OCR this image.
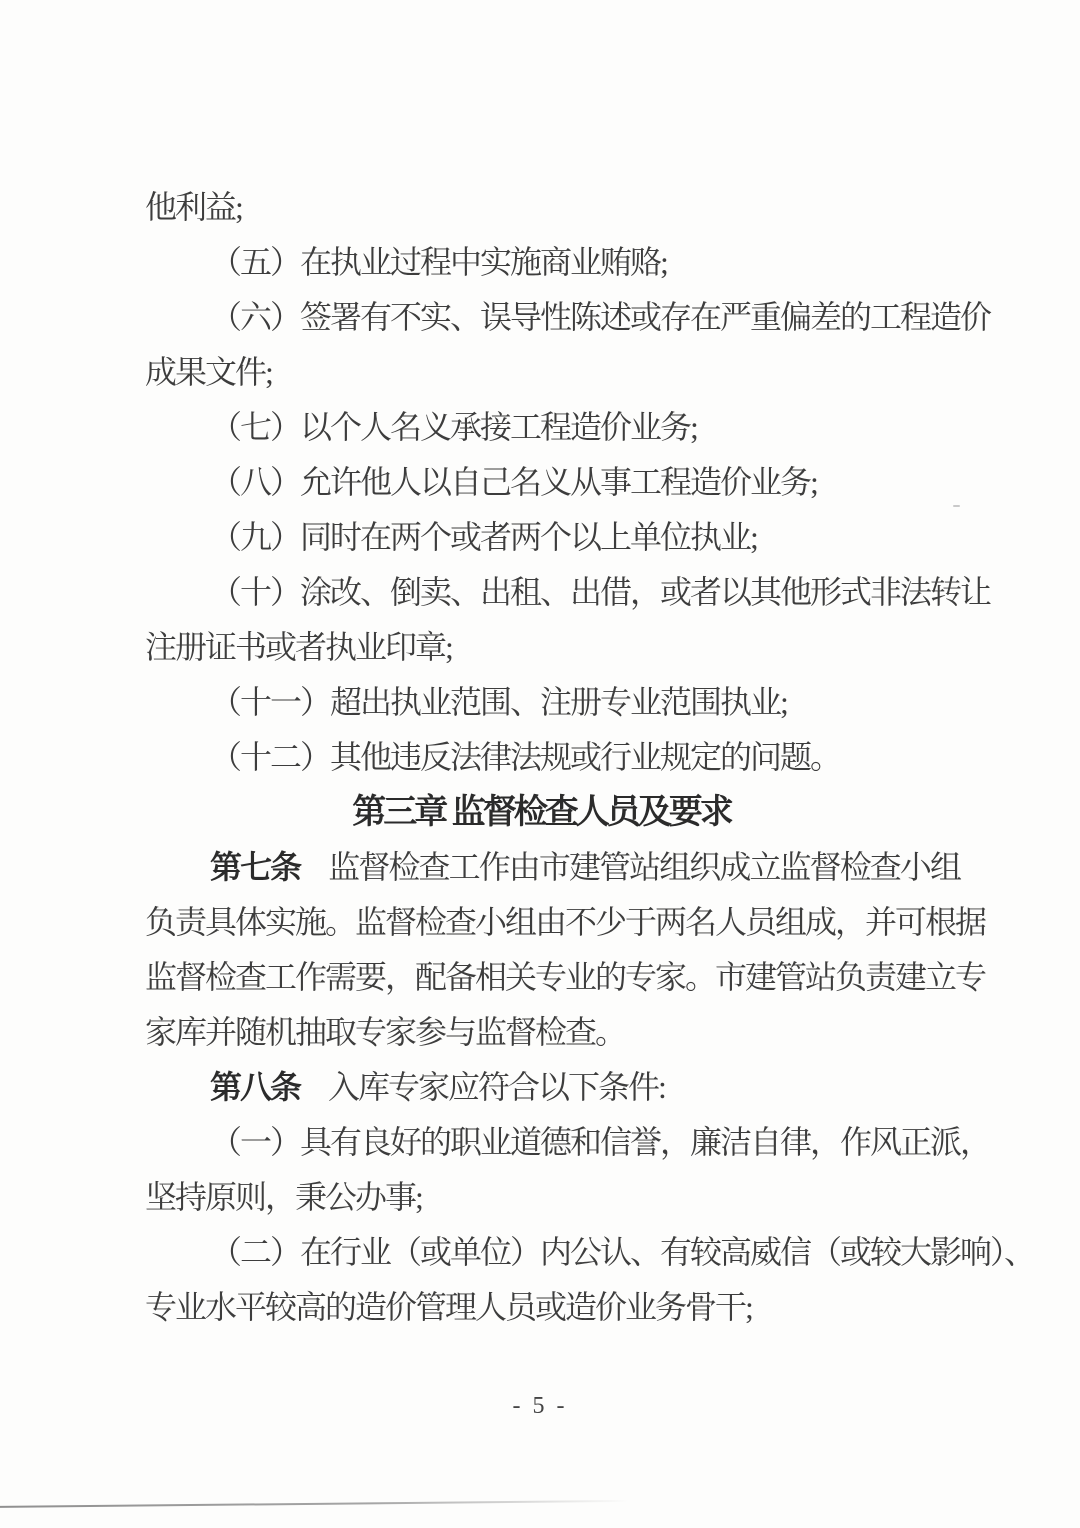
他利益;
（五）在执业过程中实施商业贿赂;
（六）签署有不实、误导性陈述或存在严重偏差的工程造价
成果文件;
（七）以个人名义承接工程造价业务;
（八）允许他人以自己名义从事工程造价业务;
（九）同时在两个或者两个以上单位执业;
（十）涂改、倒卖、出租、出借，或者以其他形式非法转让
注册证书或者执业印章;
（十一）超出执业范围、注册专业范围执业;
（十二）其他违反法律法规或行业规定的问题。
第三章 监督检查人员及要求
第七条 监督检查工作由市建管站组织成立监督检查小组
负责具体实施。监督检查小组由不少于两名人员组成，并可根据
监督检查工作需要，配备相关专业的专家。市建管站负责建立专
家库并随机抽取专家参与监督检查。
第八条 入库专家应符合以下条件:
（一）具有良好的职业道德和信誉，廉洁自律，作风正派，
坚持原则，秉公办事;
（二）在行业（或单位）内公认、有较高威信（或较大影响）、
专业水平较高的造价管理人员或造价业务骨干;
- 5 -
